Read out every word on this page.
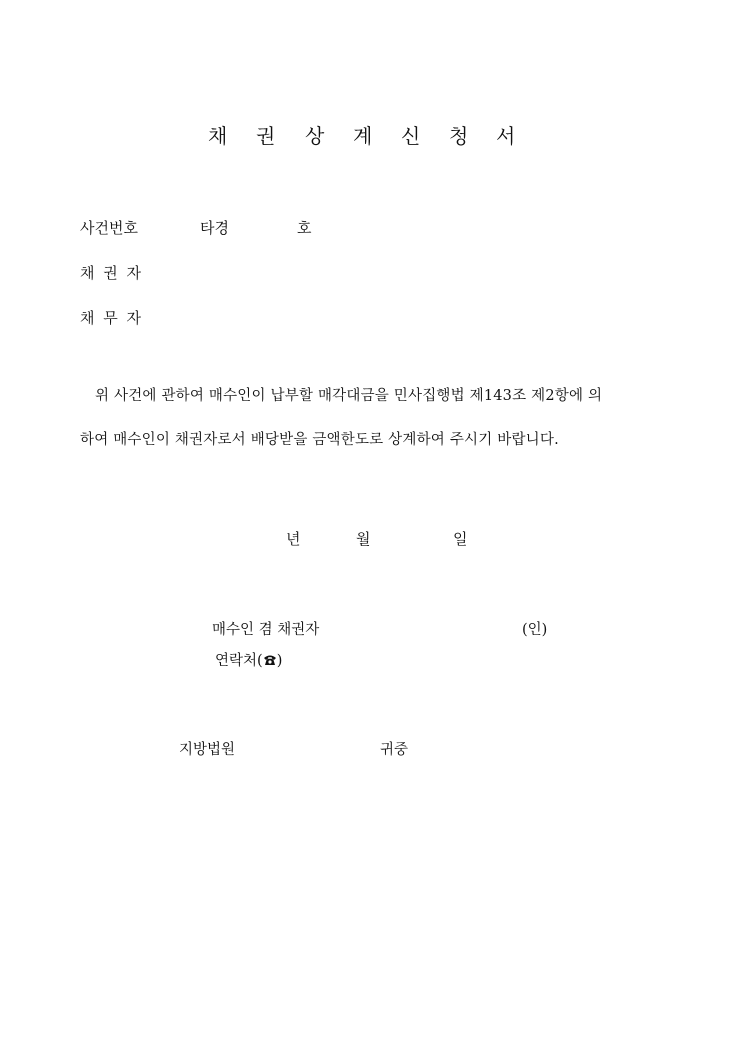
채 권 상 계 신 청 서
사건번호	타경	호
채 권 자
채 무 자
위 사건에 관하여 매수인이 납부할 매각대금을 민사집행법 제143조 제2항에 의
하여 매수인이 채권자로서 배당받을 금액한도로 상계하여 주시기 바랍니다.
년	월	일
매수인 겸 채권자	(인)
연락처( )
지방법원	귀중
